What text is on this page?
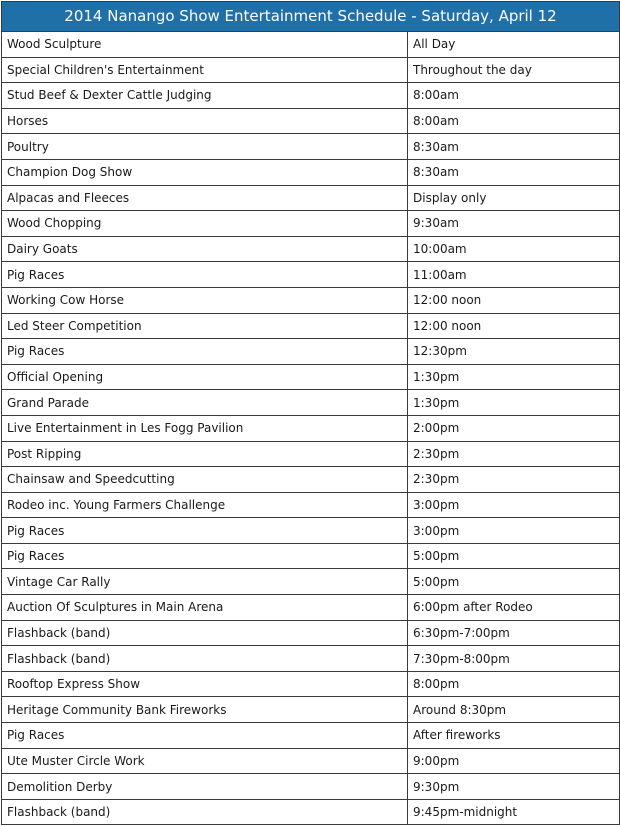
2014 Nanango Show Entertainment Schedule - Saturday, April 12
Wood Sculpture	All Day
Special Children's Entertainment	Throughout the day
Stud Beef & Dexter Cattle Judging	8:00am
Horses	8:00am
Poultry	8:30am
Champion Dog Show	8:30am
Alpacas and Fleeces	Display only
Wood Chopping	9:30am
Dairy Goats	10:00am
Pig Races	11:00am
Working Cow Horse	12:00 noon
Led Steer Competition	12:00 noon
Pig Races	12:30pm
Official Opening	1:30pm
Grand Parade	1:30pm
Live Entertainment in Les Fogg Pavilion	2:00pm
Post Ripping	2:30pm
Chainsaw and Speedcutting	2:30pm
Rodeo inc. Young Farmers Challenge	3:00pm
Pig Races	3:00pm
Pig Races	5:00pm
Vintage Car Rally	5:00pm
Auction Of Sculptures in Main Arena	6:00pm after Rodeo
Flashback (band)	6:30pm-7:00pm
Flashback (band)	7:30pm-8:00pm
Rooftop Express Show	8:00pm
Heritage Community Bank Fireworks	Around 8:30pm
Pig Races	After fireworks
Ute Muster Circle Work	9:00pm
Demolition Derby	9:30pm
Flashback (band)	9:45pm-midnight
